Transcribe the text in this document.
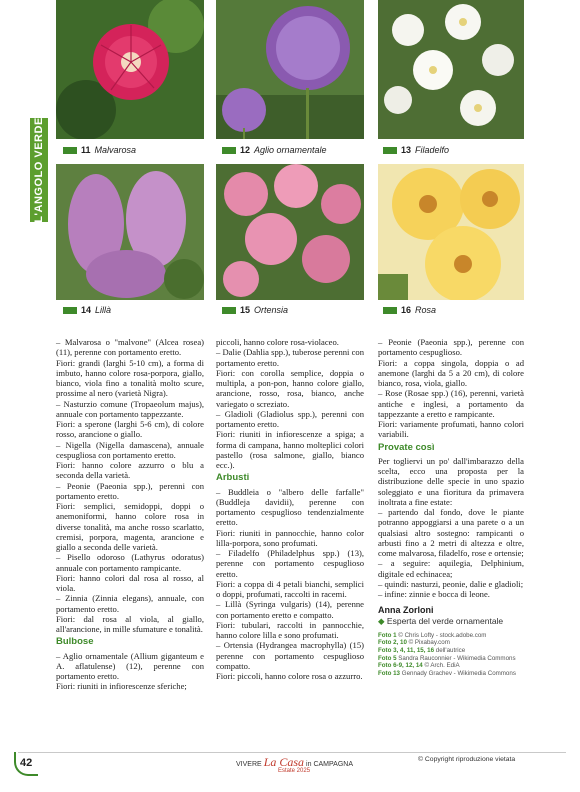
L'ANGOLO VERDE	11 Malvarosa	12 Aglio ornamentale	13 Filadelfo
14 Lillà	15 Ortensia	16 Rosa

– Malvarosa o "malvone" (Alcea rosea) (11), perenne con portamento eretto.

Fiori: grandi (larghi 5-10 cm), a forma di imbuto, hanno colore rosa-porpora, giallo, bianco, viola fino a tonalità molto scure, prossime al nero (varietà Nigra).

– Nasturzio comune (Tropaeolum majus), annuale con portamento tappezzante.

Fiori: a sperone (larghi 5-6 cm), di colore rosso, arancione o giallo.

– Nigella (Nigella damascena), annuale cespugliosa con portamento eretto.

Fiori: hanno colore azzurro o blu a seconda della varietà.

– Peonie (Paeonia spp.), perenni con portamento eretto.

Fiori: semplici, semidoppi, doppi o anemoniformi, hanno colore rosa in diverse tonalità, ma anche rosso scarlatto, cremisi, porpora, magenta, arancione e giallo a seconda delle varietà.

– Pisello odoroso (Lathyrus odoratus) annuale con portamento rampicante.

Fiori: hanno colori dal rosa al rosso, al viola.

– Zinnia (Zinnia elegans), annuale, con portamento eretto.

Fiori: dal rosa al viola, al giallo, all'arancione, in mille sfumature e tonalità.

Bulbose

– Aglio ornamentale (Allium giganteum e A. aflatulense) (12), perenne con portamento eretto.

Fiori: riuniti in infiorescenze sferiche;

piccoli, hanno colore rosa-violaceo.

– Dalie (Dahlia spp.), tuberose perenni con portamento eretto.

Fiori: con corolla semplice, doppia o multipla, a pon-pon, hanno colore giallo, arancione, rosso, rosa, bianco, anche variegato o screziato.

– Gladioli (Gladiolus spp.), perenni con portamento eretto.

Fiori: riuniti in infiorescenze a spiga; a forma di campana, hanno molteplici colori pastello (rosa salmone, giallo, bianco ecc.).

Arbusti

– Buddleia o "albero delle farfalle" (Buddleja davidii), perenne con portamento cespuglioso tendenzialmente eretto.

Fiori: riuniti in pannocchie, hanno color lilla-porpora, sono profumati.

– Filadelfo (Philadelphus spp.) (13), perenne con portamento cespuglioso eretto.

Fiori: a coppa di 4 petali bianchi, semplici o doppi, profumati, raccolti in racemi.

– Lillà (Syringa vulgaris) (14), perenne con portamento eretto e compatto.

Fiori: tubulari, raccolti in pannocchie, hanno colore lilla e sono profumati.

– Ortensia (Hydrangea macrophylla) (15) perenne con portamento cespuglioso compatto.

Fiori: piccoli, hanno colore rosa o azzurro.

– Peonie (Paeonia spp.), perenne con portamento cespuglioso.

Fiori: a coppa singola, doppia o ad anemone (larghi da 5 a 20 cm), di colore bianco, rosa, viola, giallo.

– Rose (Rosae spp.) (16), perenni, varietà antiche e inglesi, a portamento da tappezzante a eretto e rampicante.

Fiori: variamente profumati, hanno colori variabili.

Provate così

Per togliervi un po' dall'imbarazzo della scelta, ecco una proposta per la distribuzione delle specie in uno spazio soleggiato e una fioritura da primavera inoltrata a fine estate:

– partendo dal fondo, dove le piante potranno appoggiarsi a una parete o a un qualsiasi altro sostegno: rampicanti o arbusti fino a 2 metri di altezza e oltre, come malvarosa, filadelfo, rose e ortensie;

– a seguire: aquilegia, Delphinium, digitale ed echinacea;

– quindi: nasturzi, peonie, dalie e gladioli;

– infine: zinnie e bocca di leone.

Anna Zorloni
◆ Esperta del verde ornamentale
Foto 1 © Chris Lofty - stock.adobe.com
Foto 2, 10 © Pixabay.com
Foto 3, 4, 11, 15, 16 dell'autrice
Foto 5 Sandra Rauconnier - Wikimedia Commons
Foto 6-9, 12, 14 © Arch. EdiA
Foto 13 Gennady Grachev - Wikimedia Commons
42	VIVERE La Casa in CAMPAGNA
Estate 2025
© Copyright riproduzione vietata
